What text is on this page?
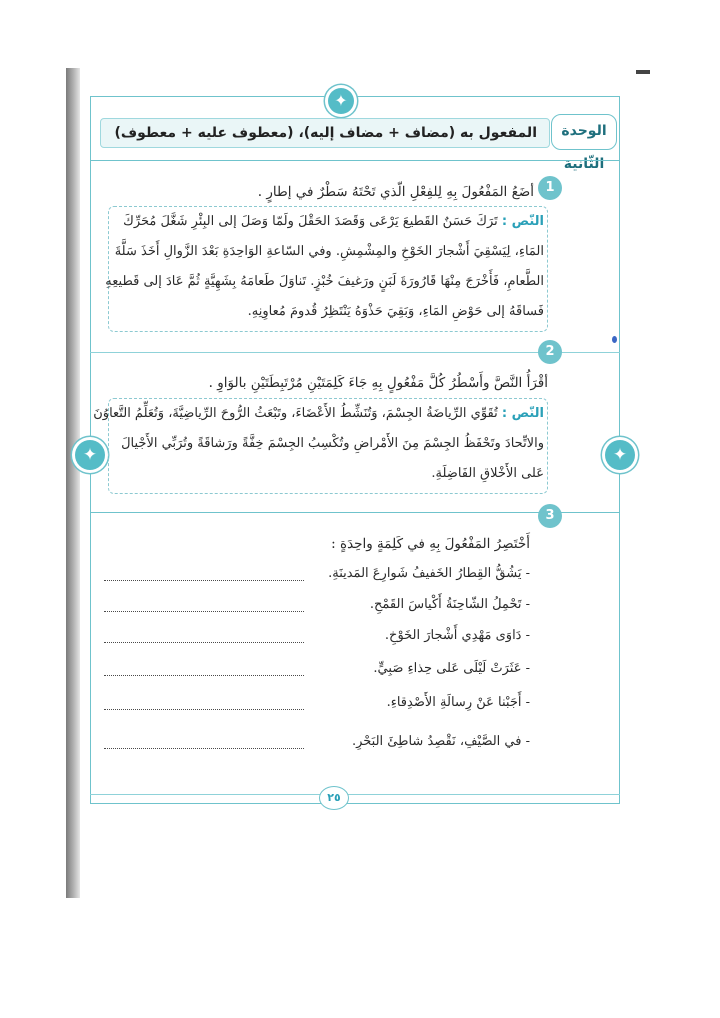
✦
✦	✦
الوحدة الثّانية
المفعول به (مضاف + مضاف إليه)، (معطوف عليه + معطوف)
1
أضَعُ المَفْعُولَ بِهِ لِلفِعْلِ الّذي تَحْتَهُ سَطْرٌ في إطارٍ .
النّص : تَرَكَ حَسَنٌ القَطيعَ يَرْعَى وَقَصَدَ الحَقْلَ ولَمّا وَصَلَ إلى البِئْرِ شَغَّلَ مُحَرِّكَ
المَاءِ، لِيَسْقِيَ أَشْجارَ الخَوْخِ والمِشْمِشِ. وفي السّاعةِ الوَاحِدَةِ بَعْدَ الزَّوالِ أَخَذَ سَلَّةَ
الطَّعامِ، فَأَخْرَجَ مِنْهَا قَارُورَةَ لَبَنٍ ورَغيفَ خُبْزٍ. تَناوَلَ طَعامَهُ بِشَهِيَّةٍ ثُمَّ عَادَ إلى قَطيعِهِ
فَساقَهُ إلى حَوْضِ المَاءِ، وَبَقِيَ حَذْوَهُ يَنْتَظِرُ قُدومَ مُعاوِنِهِ.
2
أقْرَأُ النَّصَّ وأَسْطُرُ كُلَّ مَفْعُولٍ بِهِ جَاءَ كَلِمَتَيْنِ مُرْتَبِطَتَيْنِ بالوَاوِ .
النّص : تُقَوِّي الرِّياضَةُ الجِسْمَ، وَتُنَشِّطُ الأَعْضَاءَ، وتَبْعَثُ الرُّوحَ الرِّياضِيَّةَ، وَتُعَلِّمُ التَّعاوُنَ
والاتِّحادَ وتَحْفَظُ الجِسْمَ مِنَ الأَمْراضِ وتُكْسِبُ الجِسْمَ خِفَّةً ورَشاقَةً وتُرَبِّي الأَجْيالَ
عَلى الأَخْلاقِ الفَاضِلَةِ.
3
أَخْتَصِرُ المَفْعُولَ بِهِ في كَلِمَةٍ واحِدَةٍ :
- يَشُقُّ القِطارُ الخَفيفُ شَوارِعَ المَدينَةِ.
- تَحْمِلُ الشّاحِنَةُ أَكْياسَ القَمْحِ.
- دَاوَى مَهْدِي أَشْجارَ الخَوْخِ.
- عَثَرَتْ لَيْلَى عَلى حِذاءِ صَبِيٍّ.
- أَجَبْنا عَنْ رِسالَةِ الأَصْدِقاءِ.
- في الصَّيْفِ، نَقْصِدُ شاطِئَ البَحْرِ.
٢٥
